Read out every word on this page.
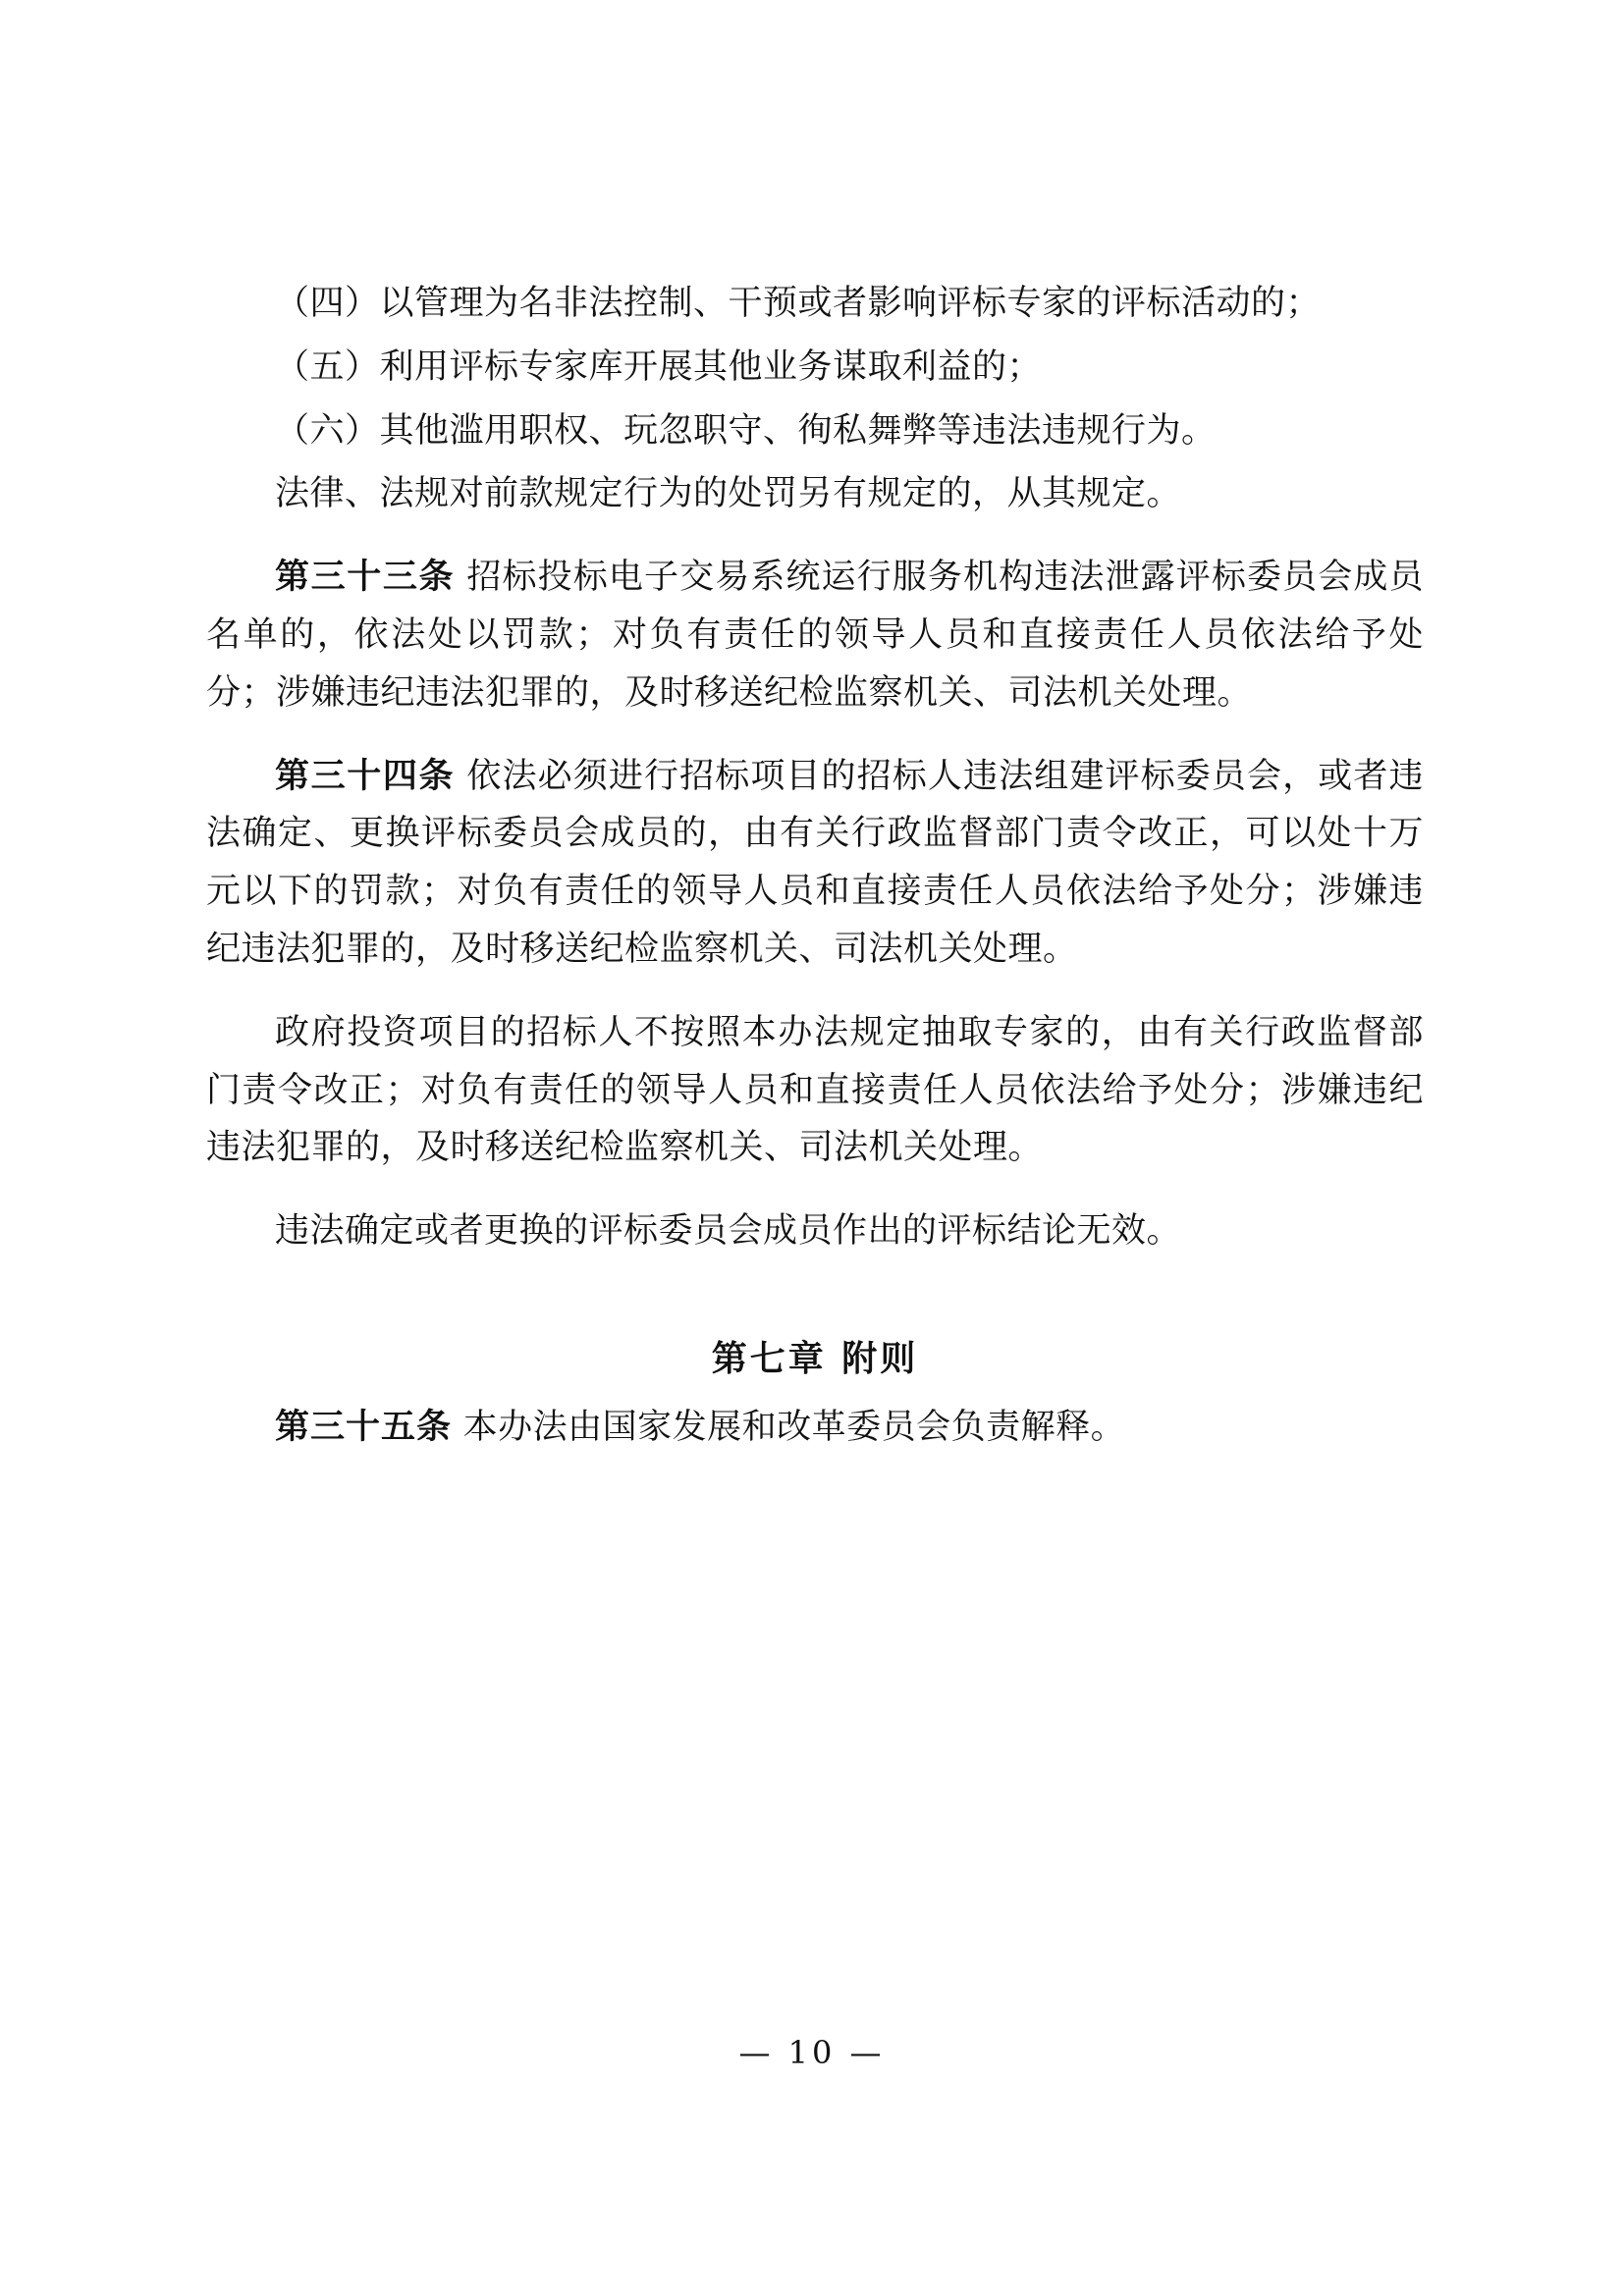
（四）以管理为名非法控制、干预或者影响评标专家的评标活动的；

（五）利用评标专家库开展其他业务谋取利益的；

（六）其他滥用职权、玩忽职守、徇私舞弊等违法违规行为。

法律、法规对前款规定行为的处罚另有规定的，从其规定。

第三十三条 招标投标电子交易系统运行服务机构违法泄露评标委员会成员名单的，依法处以罚款；对负有责任的领导人员和直接责任人员依法给予处分；涉嫌违纪违法犯罪的，及时移送纪检监察机关、司法机关处理。

第三十四条 依法必须进行招标项目的招标人违法组建评标委员会，或者违法确定、更换评标委员会成员的，由有关行政监督部门责令改正，可以处十万元以下的罚款；对负有责任的领导人员和直接责任人员依法给予处分；涉嫌违纪违法犯罪的，及时移送纪检监察机关、司法机关处理。

政府投资项目的招标人不按照本办法规定抽取专家的，由有关行政监督部门责令改正；对负有责任的领导人员和直接责任人员依法给予处分；涉嫌违纪违法犯罪的，及时移送纪检监察机关、司法机关处理。

违法确定或者更换的评标委员会成员作出的评标结论无效。

第七章 附则

第三十五条 本办法由国家发展和改革委员会负责解释。

— 10 —
